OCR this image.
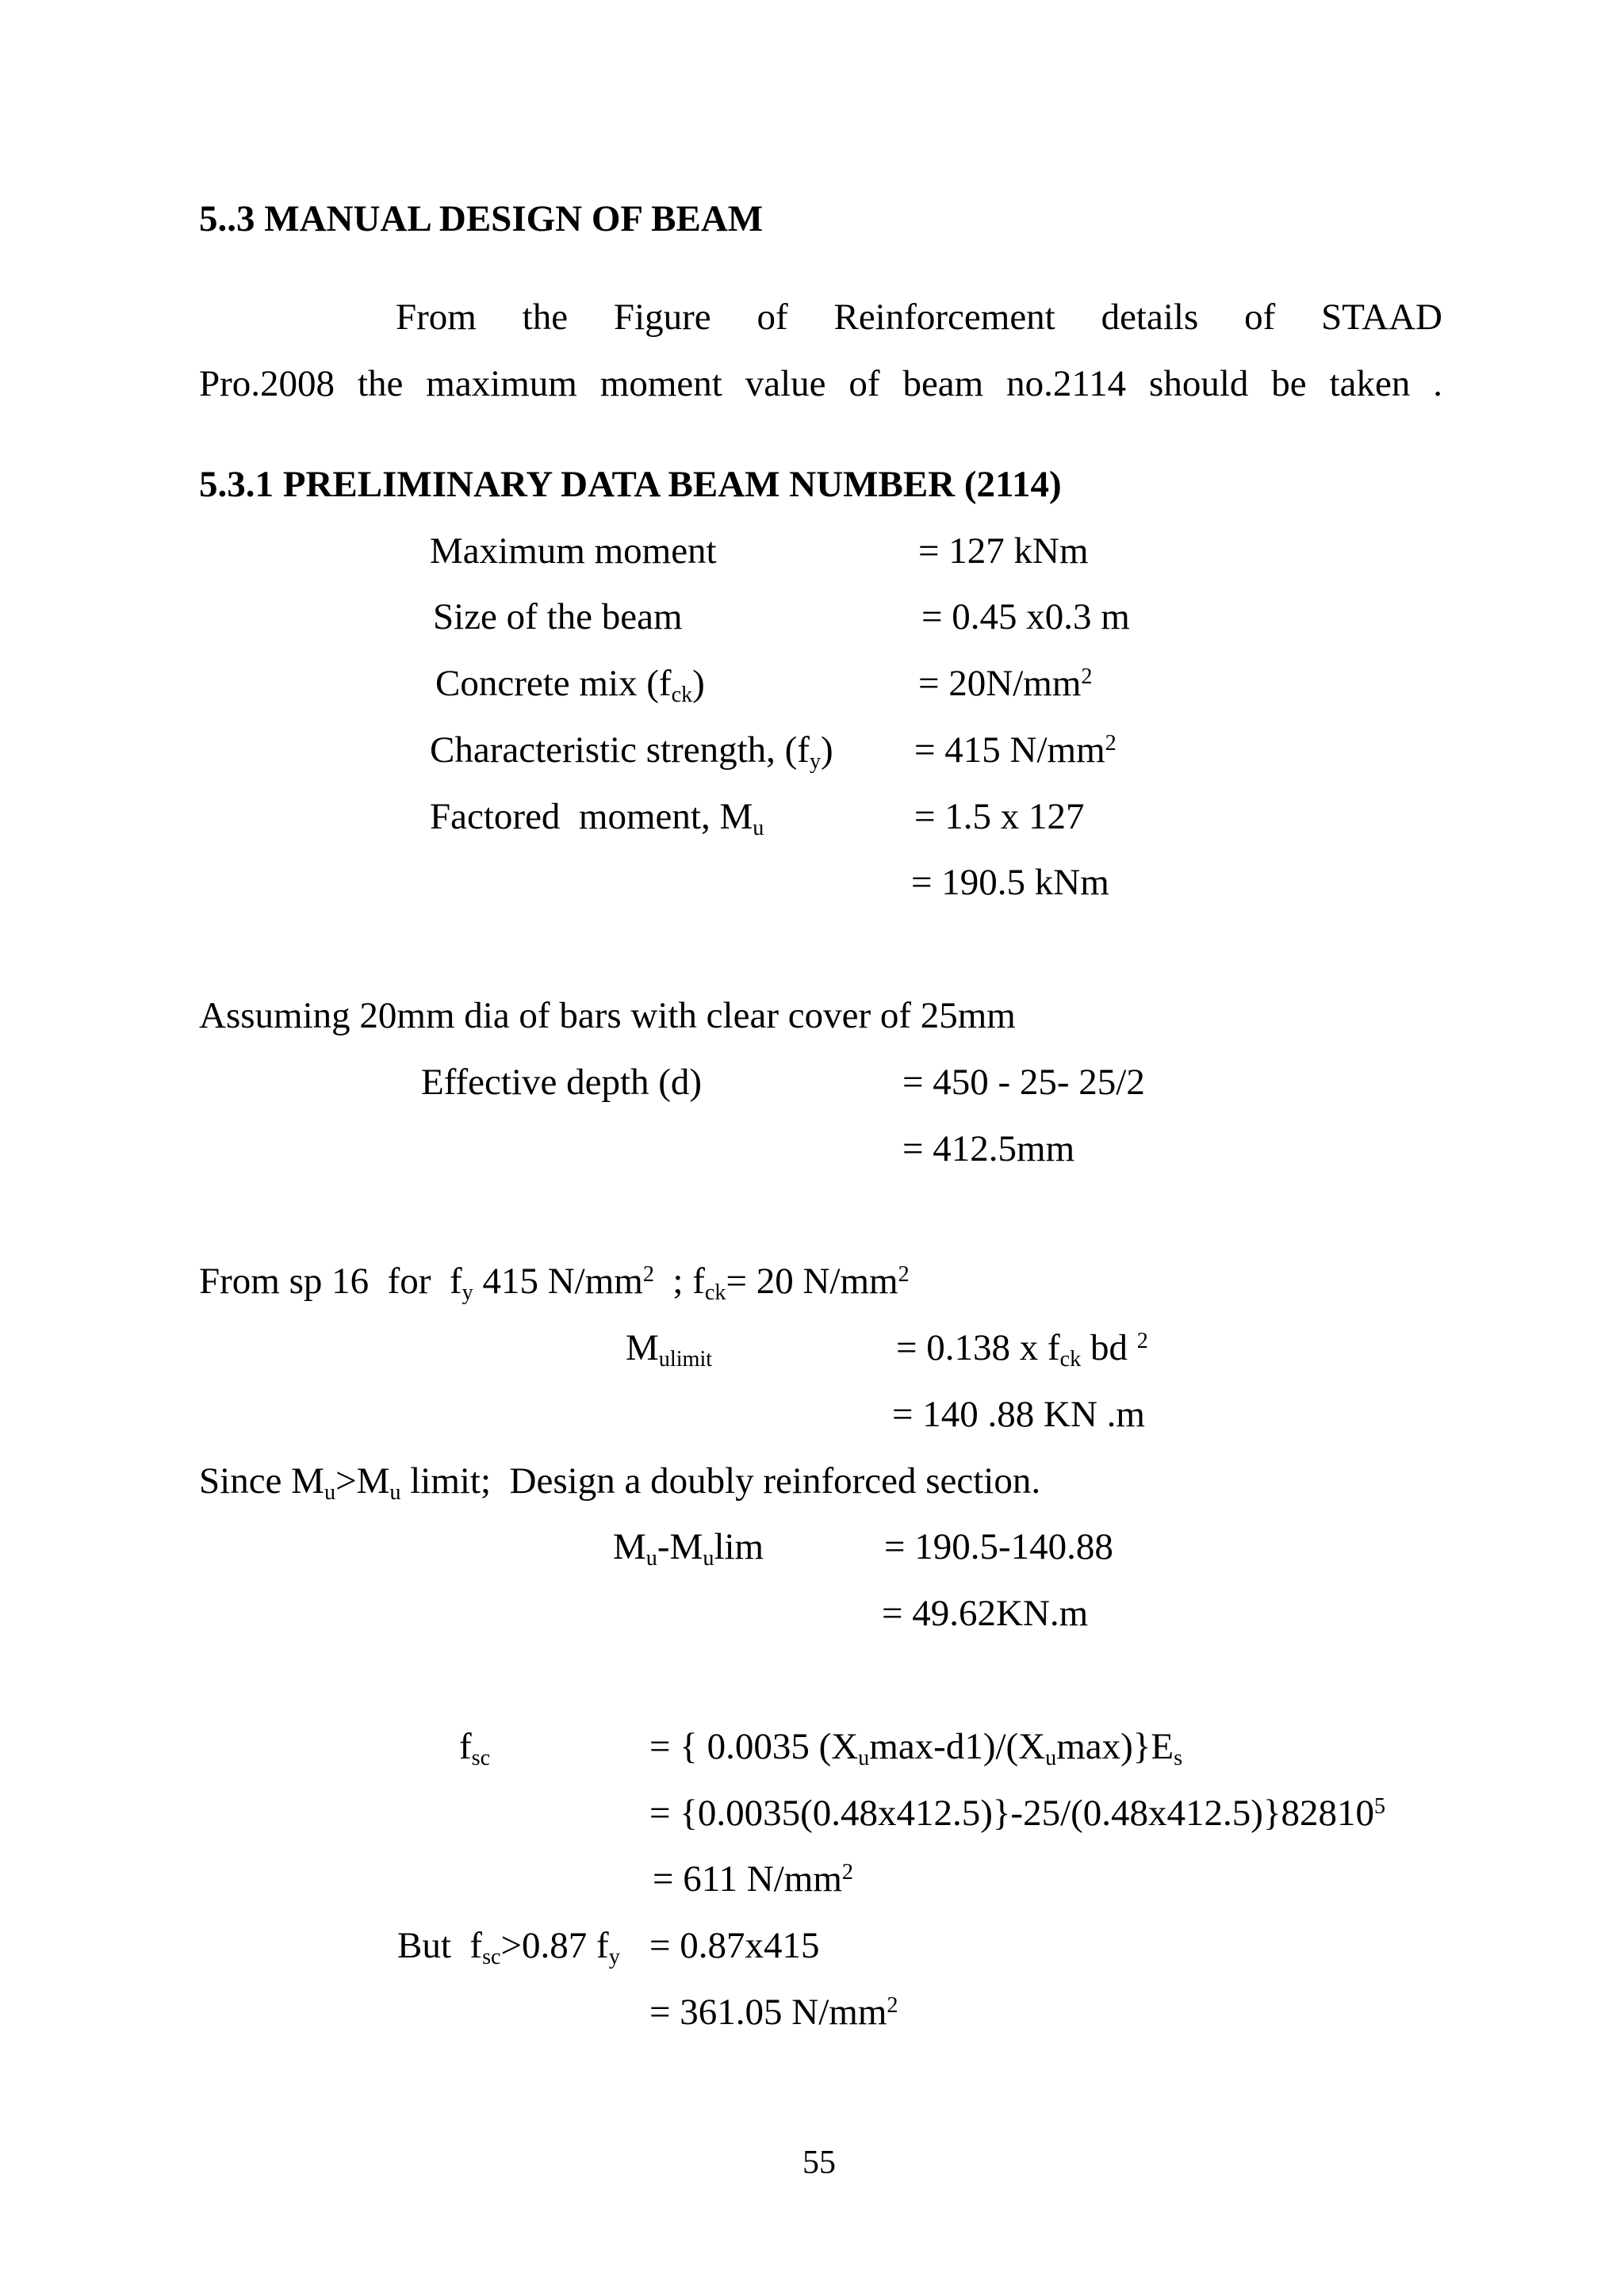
5..3 MANUAL DESIGN OF BEAM
From the Figure of Reinforcement details of STAAD
Pro.2008 the maximum moment value of beam no.2114 should be taken .
5.3.1 PRELIMINARY DATA BEAM NUMBER (2114)
Maximum moment	= 127 kNm
Size of the beam	= 0.45 x0.3 m
Concrete mix (fck)	= $20N/mm^2$
Characteristic strength, (fy) = 415 $N/mm^2$
Factored  moment, Mu	= 1.5 x 127
= 190.5 kNm
Assuming 20mm dia of bars with clear cover of 25mm
Effective depth (d)	= 450 - 25- 25/2
= 412.5mm
From sp 16  for  fy 415 $N/mm^2$  ; fck= 20 $N/mm^2$
Mulimit	= 0.138 x fck bd $^2$
= 140 .88 KN .m
Since Mu>Mu limit;  Design a doubly reinforced section.
Mu-Mulim	= 190.5-140.88
= 49.62KN.m
fsc	= { 0.0035 (Xumax-d1)/(Xumax)}Es
= $\{0.0035(0.48x412.5)\}-25/(0.48x412.5)\}82810^5$
= 611 $N/mm^2$
But  fsc>0.87 fy = 0.87x415
= 361.05 $N/mm^2$
55
